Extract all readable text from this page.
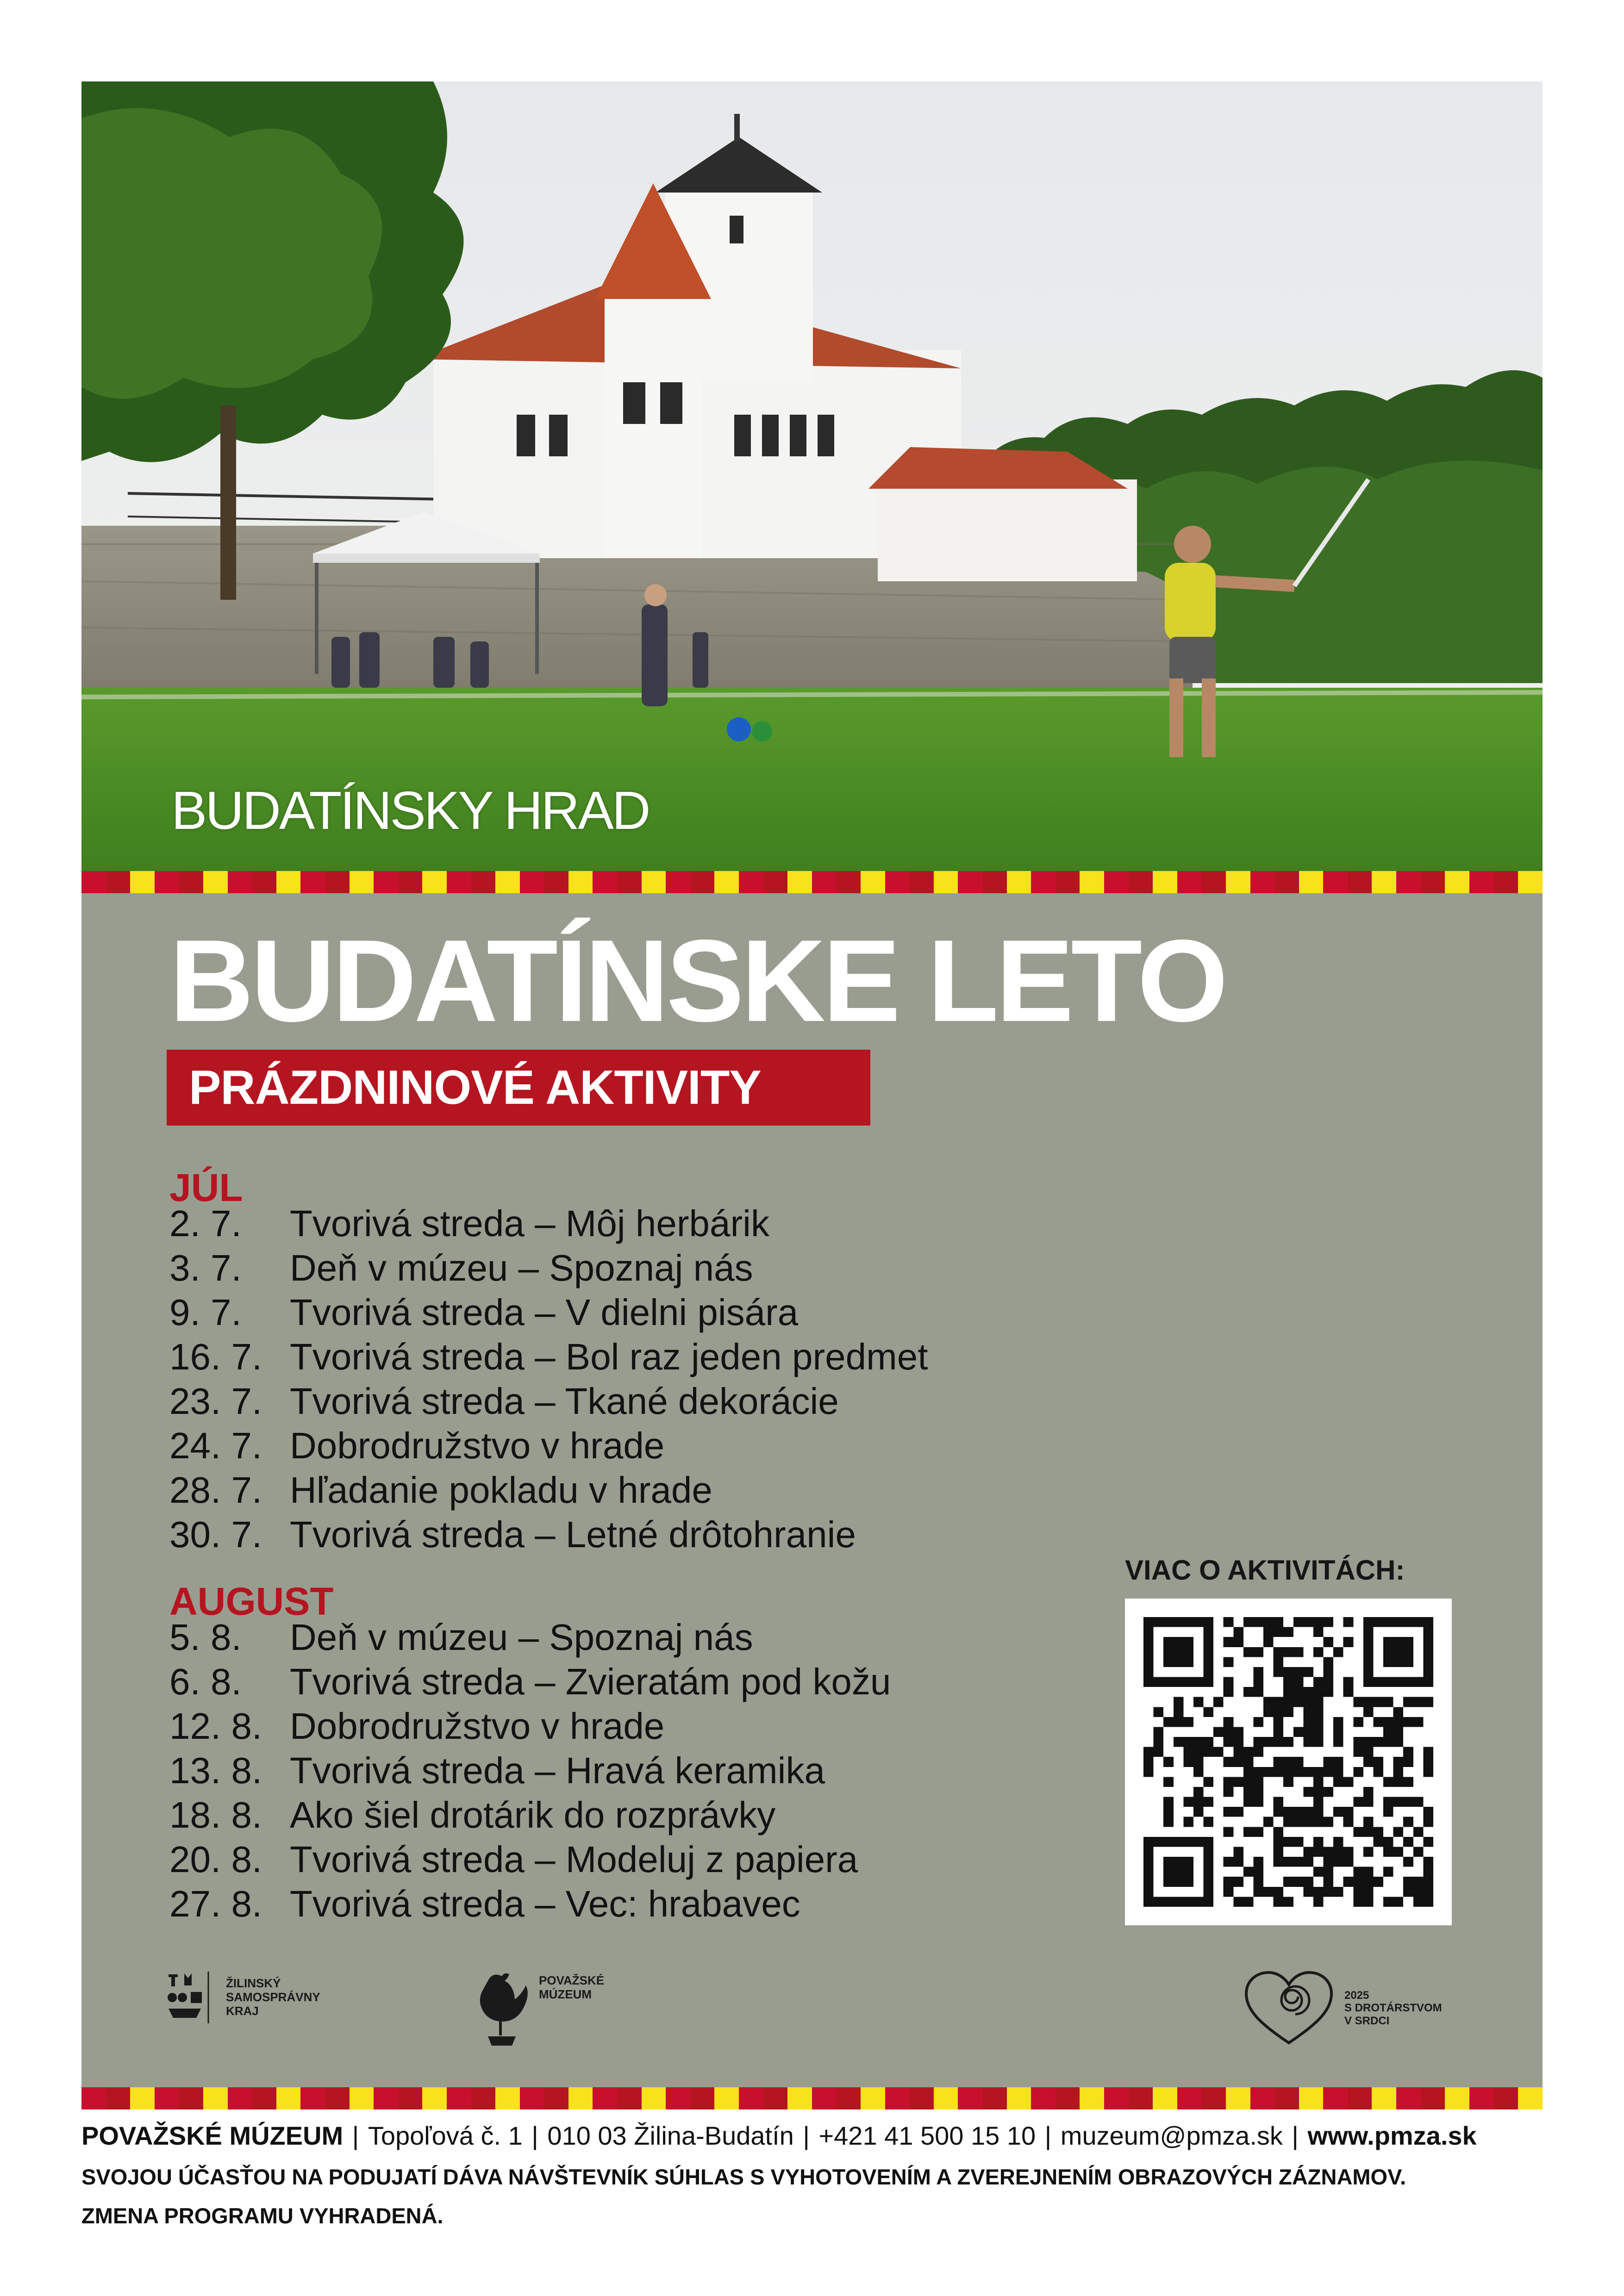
BUDATÍNSKY HRAD
BUDATÍNSKE LETO
PRÁZDNINOVÉ AKTIVITY
JÚL
2. 7.	Tvorivá streda – Môj herbárik
3. 7.	Deň v múzeu – Spoznaj nás
9. 7.	Tvorivá streda – V dielni pisára
16. 7. Tvorivá streda – Bol raz jeden predmet
23. 7. Tvorivá streda – Tkané dekorácie
24. 7. Dobrodružstvo v hrade
28. 7. Hľadanie pokladu v hrade
30. 7. Tvorivá streda – Letné drôtohranie
AUGUST
5. 8.	Deň v múzeu – Spoznaj nás
6. 8.	Tvorivá streda – Zvieratám pod kožu
12. 8. Dobrodružstvo v hrade
13. 8. Tvorivá streda – Hravá keramika
18. 8. Ako šiel drotárik do rozprávky
20. 8. Tvorivá streda – Modeluj z papiera
27. 8. Tvorivá streda – Vec: hrabavec
VIAC O AKTIVITÁCH:
ŽILINSKÝ
SAMOSPRÁVNY
KRAJ
POVAŽSKÉ
MÚZEUM	2025
S DROTÁRSTVOM
V SRDCI
POVAŽSKÉ MÚZEUM | Topoľová č. 1 | 010 03 Žilina-Budatín | +421 41 500 15 10 | muzeum@pmza.sk | www.pmza.sk
SVOJOU ÚČASŤOU NA PODUJATÍ DÁVA NÁVŠTEVNÍK SÚHLAS S VYHOTOVENÍM A ZVEREJNENÍM OBRAZOVÝCH ZÁZNAMOV.
ZMENA PROGRAMU VYHRADENÁ.
